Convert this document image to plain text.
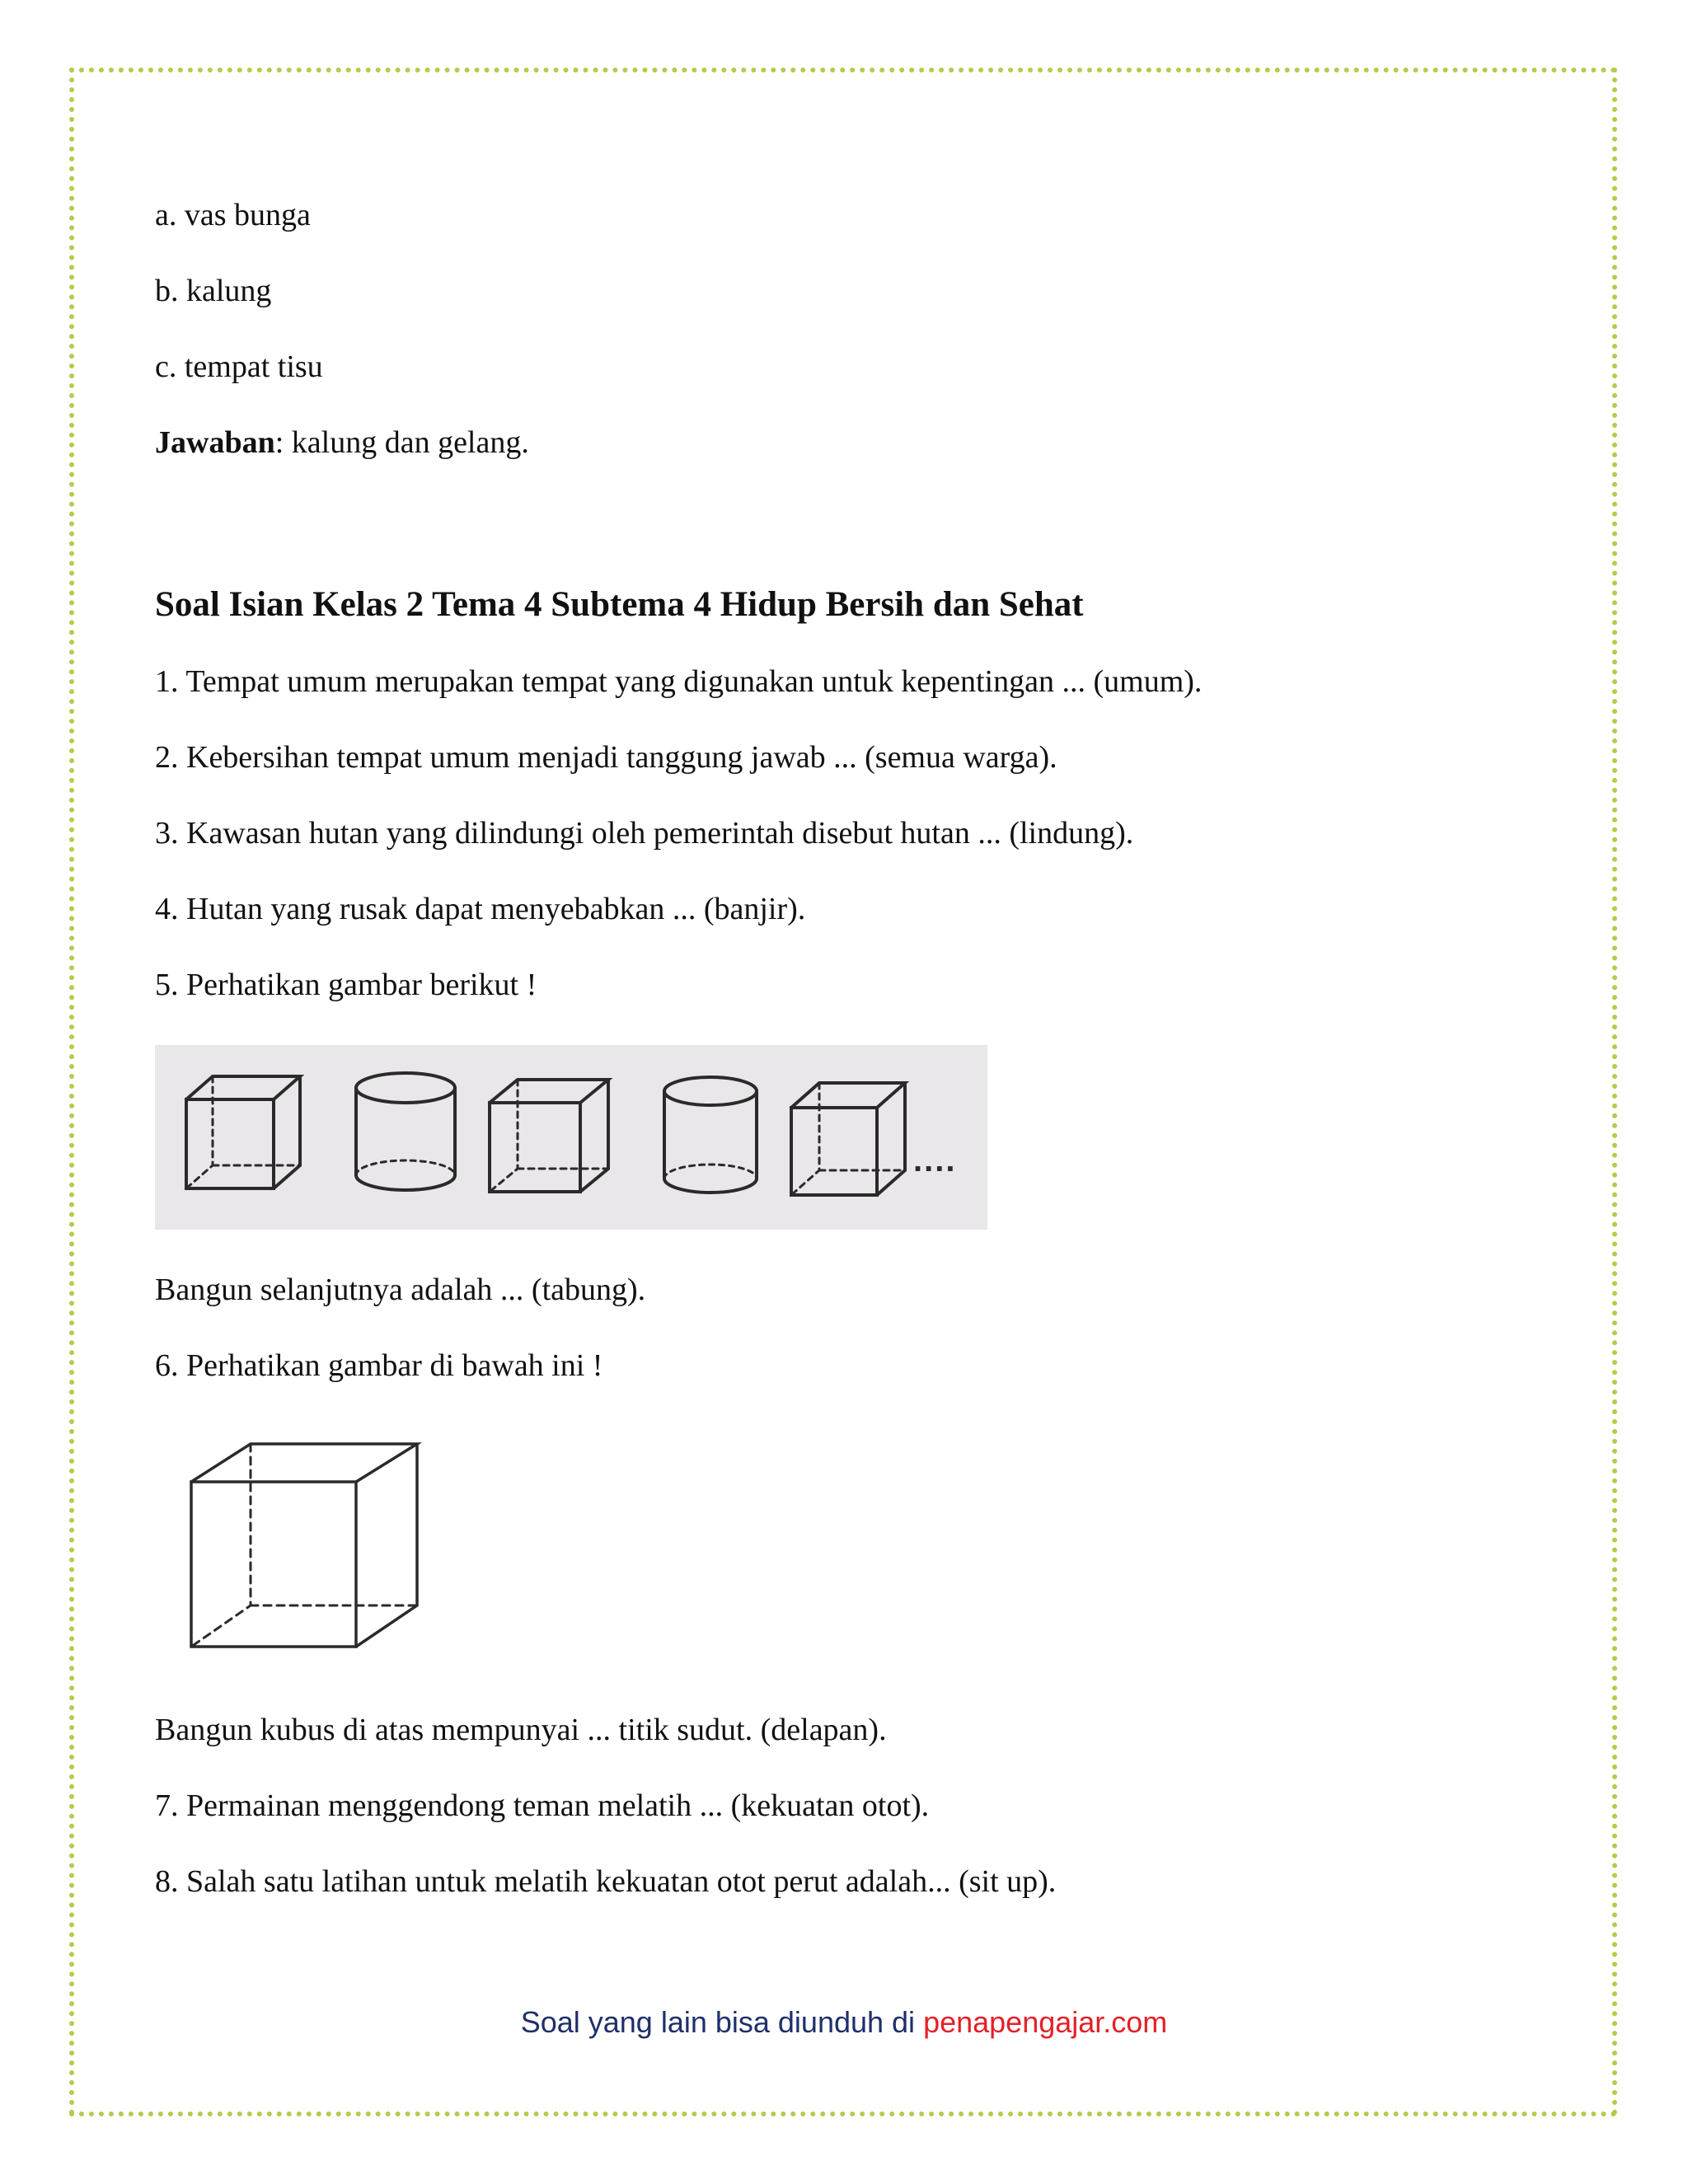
a. vas bunga
b. kalung
c. tempat tisu
Jawaban: kalung dan gelang.
Soal Isian Kelas 2 Tema 4 Subtema 4 Hidup Bersih dan Sehat
1. Tempat umum merupakan tempat yang digunakan untuk kepentingan ... (umum).
2. Kebersihan tempat umum menjadi tanggung jawab ... (semua warga).
3. Kawasan hutan yang dilindungi oleh pemerintah disebut hutan ... (lindung).
4. Hutan yang rusak dapat menyebabkan ... (banjir).
5. Perhatikan gambar berikut !
....
Bangun selanjutnya adalah ... (tabung).
6. Perhatikan gambar di bawah ini !
Bangun kubus di atas mempunyai ... titik sudut. (delapan).
7. Permainan menggendong teman melatih ... (kekuatan otot).
8. Salah satu latihan untuk melatih kekuatan otot perut adalah... (sit up).
Soal yang lain bisa diunduh di penapengajar.com
